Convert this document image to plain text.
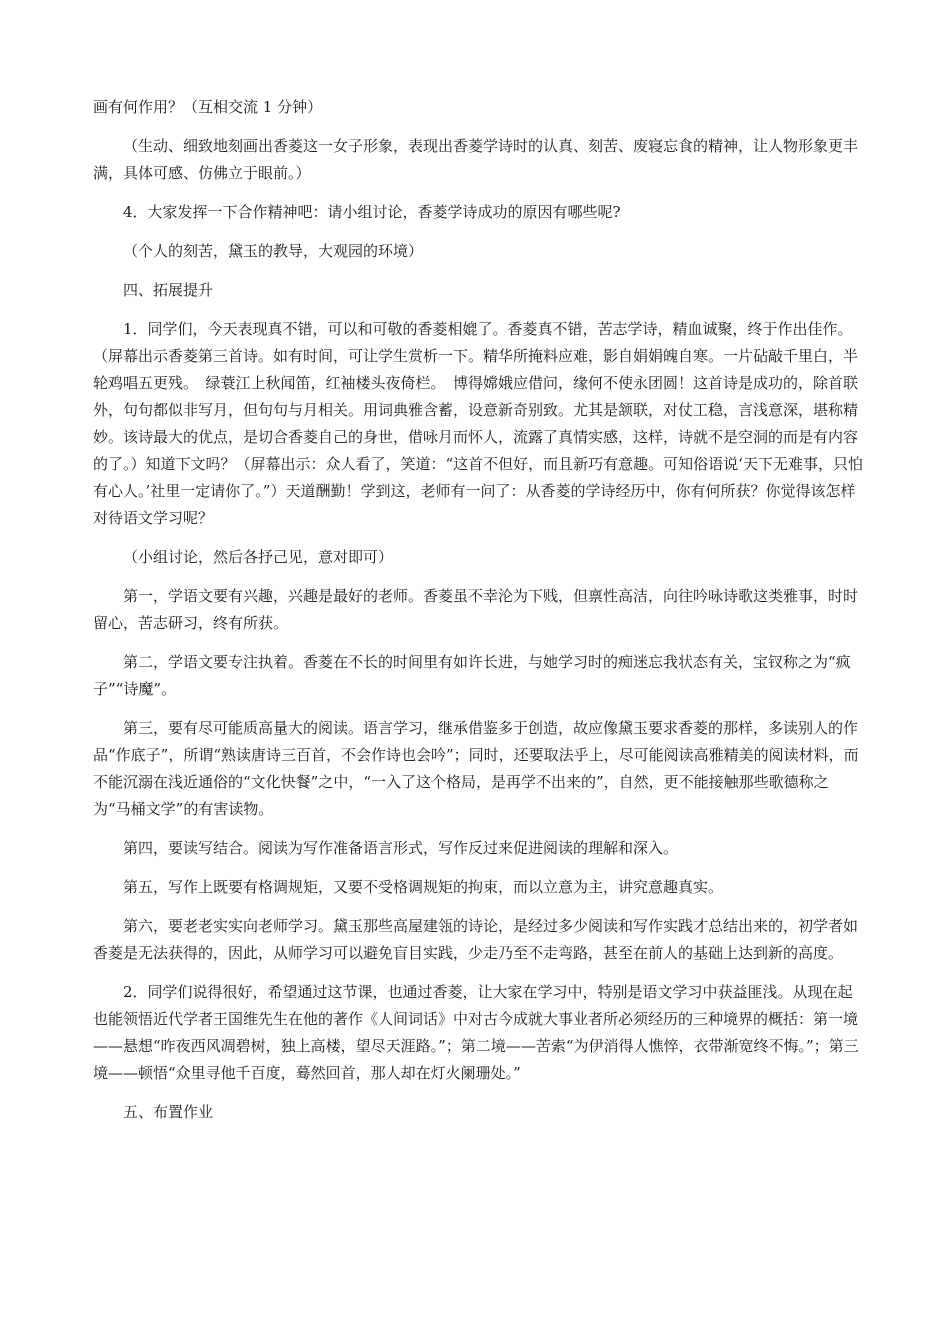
画有何作用？（互相交流 1 分钟）

（生动、细致地刻画出香菱这一女子形象，表现出香菱学诗时的认真、刻苦、废寝忘食的精神，让人物形象更丰满，具体可感、仿佛立于眼前。）

4．大家发挥一下合作精神吧：请小组讨论，香菱学诗成功的原因有哪些呢?

（个人的刻苦，黛玉的教导，大观园的环境）

四、拓展提升

1．同学们，今天表现真不错，可以和可敬的香菱相媲了。香菱真不错，苦志学诗，精血诚聚，终于作出佳作。（屏幕出示香菱第三首诗。如有时间，可让学生赏析一下。精华所掩料应难，影自娟娟魄自寒。一片砧敲千里白，半轮鸡唱五更残。　绿蓑江上秋闻笛，红袖楼头夜倚栏。　博得嫦娥应借问，缘何不使永团圆！这首诗是成功的，除首联外，句句都似非写月，但句句与月相关。用词典雅含蓄，设意新奇别致。尤其是颔联，对仗工稳，言浅意深，堪称精妙。该诗最大的优点，是切合香菱自己的身世，借咏月而怀人，流露了真情实感，这样，诗就不是空洞的而是有内容的了。）知道下文吗？（屏幕出示：众人看了，笑道：“这首不但好，而且新巧有意趣。可知俗语说‘天下无难事，只怕有心人。’社里一定请你了。”）天道酬勤！学到这，老师有一问了：从香菱的学诗经历中，你有何所获？你觉得该怎样对待语文学习呢？

（小组讨论，然后各抒己见，意对即可）

第一，学语文要有兴趣，兴趣是最好的老师。香菱虽不幸沦为下贱，但禀性高洁，向往吟咏诗歌这类雅事，时时留心，苦志研习，终有所获。

第二，学语文要专注执着。香菱在不长的时间里有如许长进，与她学习时的痴迷忘我状态有关，宝钗称之为“疯子”“诗魔”。

第三，要有尽可能质高量大的阅读。语言学习，继承借鉴多于创造，故应像黛玉要求香菱的那样，多读别人的作品“作底子”，所谓“熟读唐诗三百首，不会作诗也会吟”；同时，还要取法乎上，尽可能阅读高雅精美的阅读材料，而不能沉溺在浅近通俗的“文化快餐”之中，“一入了这个格局，是再学不出来的”，自然，更不能接触那些歌德称之为“马桶文学”的有害读物。

第四，要读写结合。阅读为写作准备语言形式，写作反过来促进阅读的理解和深入。

第五，写作上既要有格调规矩，又要不受格调规矩的拘束，而以立意为主，讲究意趣真实。

第六，要老老实实向老师学习。黛玉那些高屋建瓴的诗论，是经过多少阅读和写作实践才总结出来的，初学者如香菱是无法获得的，因此，从师学习可以避免盲目实践，少走乃至不走弯路，甚至在前人的基础上达到新的高度。

2．同学们说得很好，希望通过这节课，也通过香菱，让大家在学习中，特别是语文学习中获益匪浅。从现在起也能领悟近代学者王国维先生在他的著作《人间词话》中对古今成就大事业者所必须经历的三种境界的概括：第一境——悬想“昨夜西风凋碧树，独上高楼，望尽天涯路。”；第二境——苦索“为伊消得人憔悴，衣带渐宽终不悔。”；第三境——顿悟“众里寻他千百度，蓦然回首，那人却在灯火阑珊处。”

五、布置作业
